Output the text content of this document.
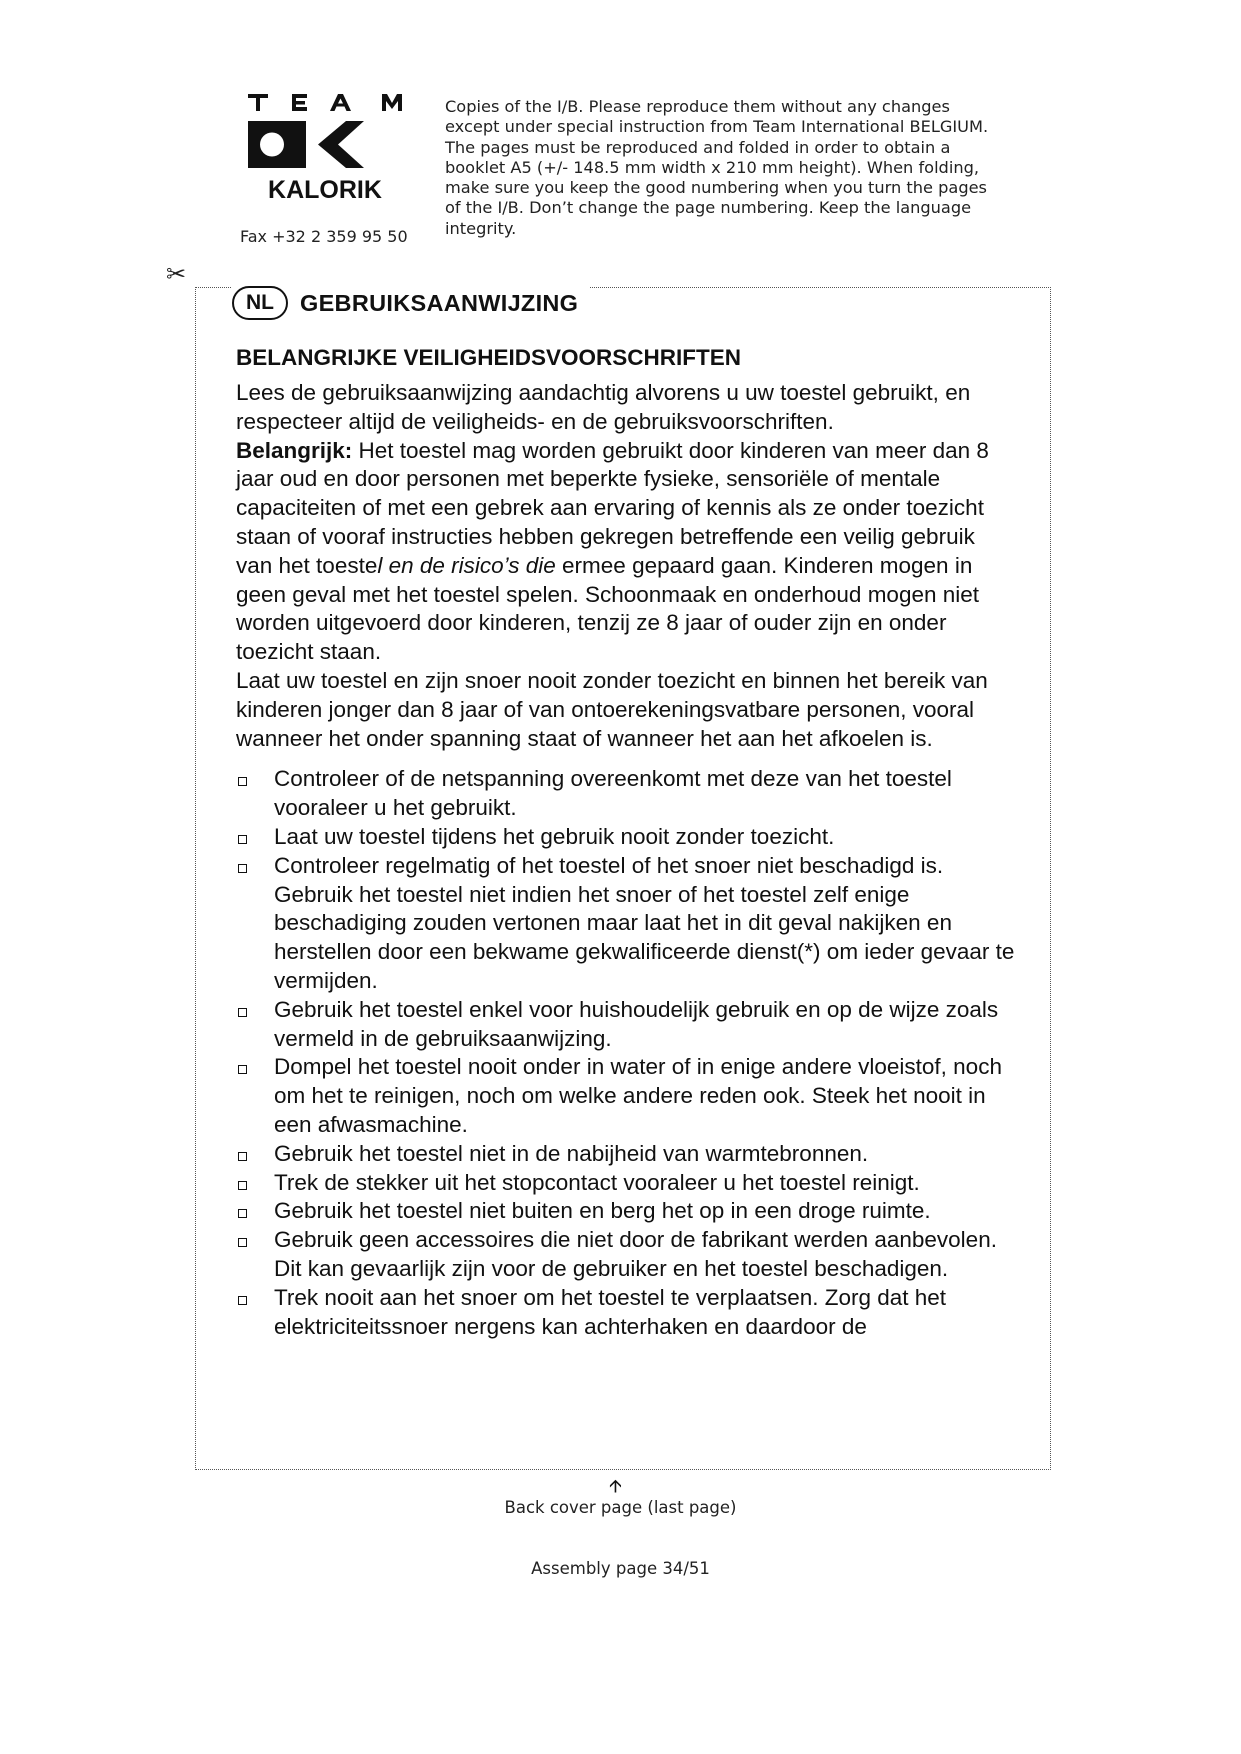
KALORIK
Fax +32 2 359 95 50
Copies of the I/B. Please reproduce them without any changes except under special instruction from Team International BELGIUM. The pages must be reproduced and folded in order to obtain a booklet A5 (+/- 148.5 mm width x 210 mm height). When folding, make sure you keep the good numbering when you turn the pages of the I/B. Don’t change the page numbering. Keep the language integrity.
✂
NL	GEBRUIKSAANWIJZING
BELANGRIJKE VEILIGHEIDSVOORSCHRIFTEN

Lees de gebruiksaanwijzing aandachtig alvorens u uw toestel gebruikt, en respecteer altijd de veiligheids- en de gebruiksvoorschriften.

Belangrijk: Het toestel mag worden gebruikt door kinderen van meer dan 8 jaar oud en door personen met beperkte fysieke, sensoriële of mentale capaciteiten of met een gebrek aan ervaring of kennis als ze onder toezicht staan of vooraf instructies hebben gekregen betreffende een veilig gebruik van het toestel en de risico’s die ermee gepaard gaan. Kinderen mogen in geen geval met het toestel spelen. Schoonmaak en onderhoud mogen niet worden uitgevoerd door kinderen, tenzij ze 8 jaar of ouder zijn en onder toezicht staan.

Laat uw toestel en zijn snoer nooit zonder toezicht en binnen het bereik van kinderen jonger dan 8 jaar of van ontoerekeningsvatbare personen, vooral wanneer het onder spanning staat of wanneer het aan het afkoelen is.

Controleer of de netspanning overeenkomt met deze van het toestel vooraleer u het gebruikt.
Laat uw toestel tijdens het gebruik nooit zonder toezicht.
Controleer regelmatig of het toestel of het snoer niet beschadigd is. Gebruik het toestel niet indien het snoer of het toestel zelf enige beschadiging zouden vertonen maar laat het in dit geval nakijken en herstellen door een bekwame gekwalificeerde dienst(*) om ieder gevaar te vermijden.
Gebruik het toestel enkel voor huishoudelijk gebruik en op de wijze zoals vermeld in de gebruiksaanwijzing.
Dompel het toestel nooit onder in water of in enige andere vloeistof, noch om het te reinigen, noch om welke andere reden ook. Steek het nooit in een afwasmachine.
Gebruik het toestel niet in de nabijheid van warmtebronnen.
Trek de stekker uit het stopcontact vooraleer u het toestel reinigt.
Gebruik het toestel niet buiten en berg het op in een droge ruimte.
Gebruik geen accessoires die niet door de fabrikant werden aanbevolen. Dit kan gevaarlijk zijn voor de gebruiker en het toestel beschadigen.
Trek nooit aan het snoer om het toestel te verplaatsen. Zorg dat het elektriciteitssnoer nergens kan achterhaken en daardoor de
🡩
Back cover page (last page)
Assembly page 34/51
